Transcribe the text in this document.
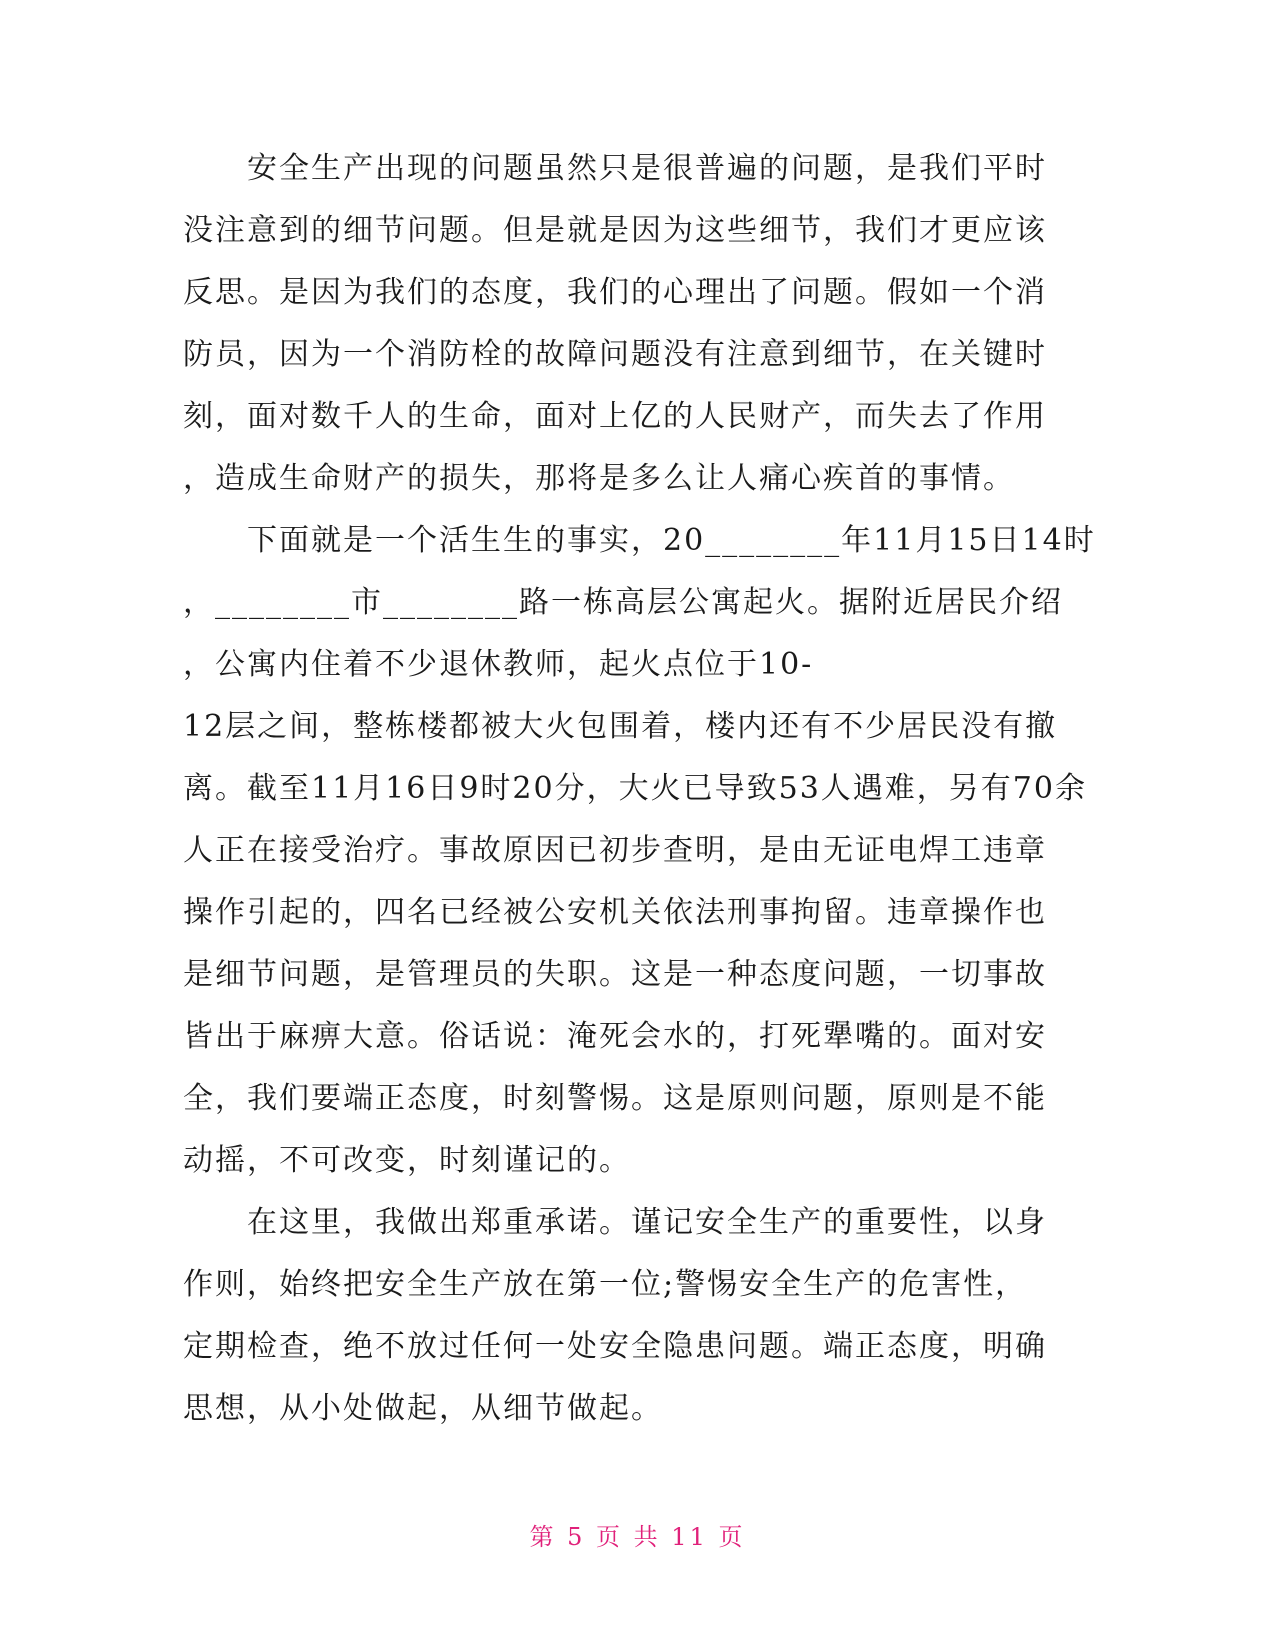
　　安全生产出现的问题虽然只是很普遍的问题，是我们平时
没注意到的细节问题。但是就是因为这些细节，我们才更应该
反思。是因为我们的态度，我们的心理出了问题。假如一个消
防员，因为一个消防栓的故障问题没有注意到细节，在关键时
刻，面对数千人的生命，面对上亿的人民财产，而失去了作用
，造成生命财产的损失，那将是多么让人痛心疾首的事情。
　　下面就是一个活生生的事实，20________年11月15日14时
，________市________路一栋高层公寓起火。据附近居民介绍
，公寓内住着不少退休教师，起火点位于10-
12层之间，整栋楼都被大火包围着，楼内还有不少居民没有撤
离。截至11月16日9时20分，大火已导致53人遇难，另有70余
人正在接受治疗。事故原因已初步查明，是由无证电焊工违章
操作引起的，四名已经被公安机关依法刑事拘留。违章操作也
是细节问题，是管理员的失职。这是一种态度问题，一切事故
皆出于麻痹大意。俗话说：淹死会水的，打死犟嘴的。面对安
全，我们要端正态度，时刻警惕。这是原则问题，原则是不能
动摇，不可改变，时刻谨记的。
　　在这里，我做出郑重承诺。谨记安全生产的重要性，以身
作则，始终把安全生产放在第一位;警惕安全生产的危害性，
定期检查，绝不放过任何一处安全隐患问题。端正态度，明确
思想，从小处做起，从细节做起。
第 5 页 共 11 页
